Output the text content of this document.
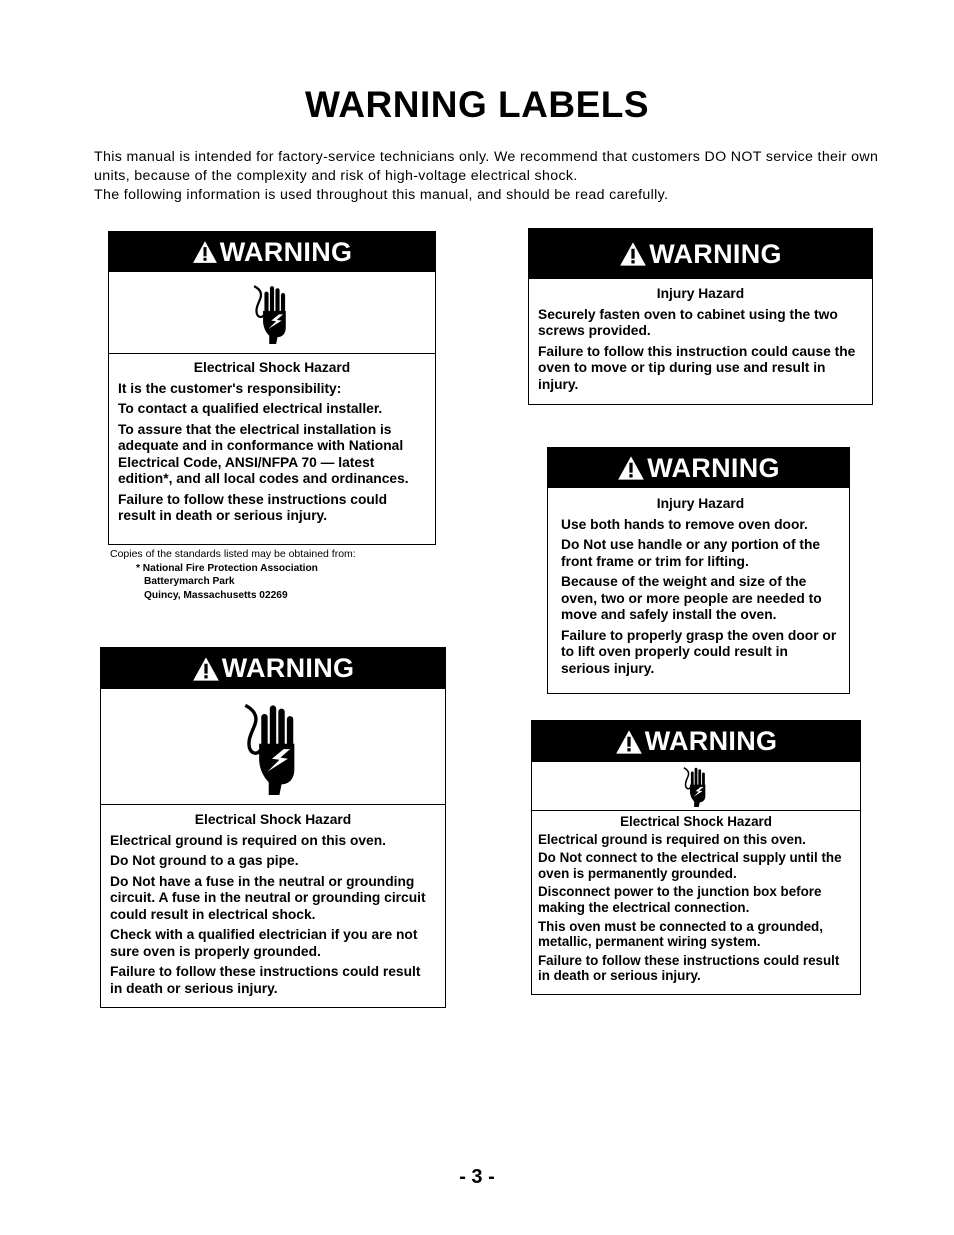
WARNING LABELS

This manual is intended for factory-service technicians only. We recommend that customers DO NOT service their own units, because of the complexity and risk of high-voltage electrical shock.

The following information is used throughout this manual, and should be read carefully.

WARNING
Electrical Shock Hazard

It is the customer's responsibility:

To contact a qualified electrical installer.

To assure that the electrical installation is adequate and in conformance with National Electrical Code, ANSI/NFPA 70 — latest edition*, and all local codes and ordinances.

Failure to follow these instructions could result in death or serious injury.

Copies of the standards listed may be obtained from:
* National Fire Protection Association
Batterymarch Park
Quincy, Massachusetts 02269
WARNING
Injury Hazard

Securely fasten oven to cabinet using the two screws provided.

Failure to follow this instruction could cause the oven to move or tip during use and result in injury.

WARNING
Injury Hazard

Use both hands to remove oven door.

Do Not use handle or any portion of the front frame or trim for lifting.

Because of the weight and size of the oven, two or more people are needed to move and safely install the oven.

Failure to properly grasp the oven door or to lift oven properly could result in serious injury.

WARNING
Electrical Shock Hazard

Electrical ground is required on this oven.

Do Not ground to a gas pipe.

Do Not have a fuse in the neutral or grounding circuit. A fuse in the neutral or grounding circuit could result in electrical shock.

Check with a qualified electrician if you are not sure oven is properly grounded.

Failure to follow these instructions could result in death or serious injury.

WARNING
Electrical Shock Hazard

Electrical ground is required on this oven.

Do Not connect to the electrical supply until the oven is permanently grounded.

Disconnect power to the junction box before making the electrical connection.

This oven must be connected to a grounded, metallic, permanent wiring system.

Failure to follow these instructions could result in death or serious injury.

- 3 -
